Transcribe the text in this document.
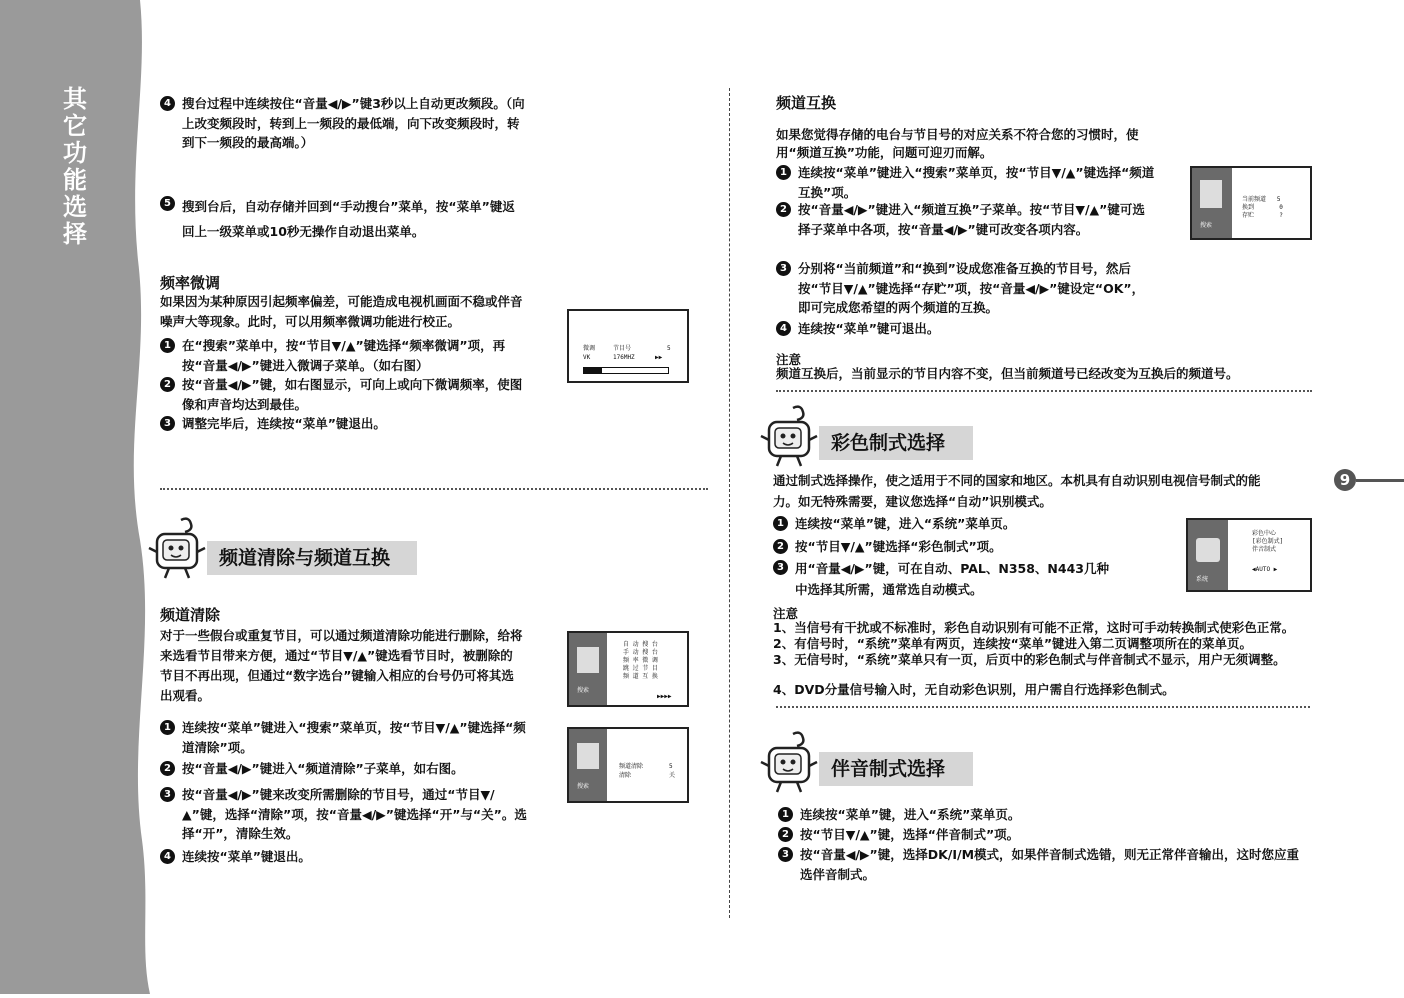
其
它
功
能
选
择
4 搜台过程中连续按住“音量◀/▶”键3秒以上自动更改频段。（向上改变频段时，转到上一频段的最低端，向下改变频段时，转到下一频段的最高端。）
5 搜到台后，自动存储并回到“手动搜台”菜单，按“菜单”键返回上一级菜单或10秒无操作自动退出菜单。
频率微调
如果因为某种原因引起频率偏差，可能造成电视机画面不稳或伴音噪声大等现象。此时，可以用频率微调功能进行校正。
1 在“搜索”菜单中，按“节目▼/▲”键选择“频率微调”项，再按“音量◀/▶”键进入微调子菜单。（如右图）
2 按“音量◀/▶”键，如右图显示，可向上或向下微调频率，使图像和声音均达到最佳。
3 调整完毕后，连续按“菜单”键退出。
微调	节目号	5
VK	176MHZ	▶▶
频道清除与频道互换
频道清除
对于一些假台或重复节目，可以通过频道清除功能进行删除，给将来选看节目带来方便，通过“节目▼/▲”键选看节目时，被删除的节目不再出现，但通过“数字选台”键输入相应的台号仍可将其选出观看。
1 连续按“菜单”键进入“搜索”菜单页，按“节目▼/▲”键选择“频道清除”项。
2 按“音量◀/▶”键进入“频道清除”子菜单，如右图。
3 按“音量◀/▶”键来改变所需删除的节目号，通过“节目▼/▲”键，选择“清除”项，按“音量◀/▶”键选择“开”与“关”。选择“开”，清除生效。
4 连续按“菜单”键退出。
搜索
自 动 搜 台
手 动 搜 台
频 率 微 调
跳 过 节 目
频 道 互 换
▶▶▶▶
搜索
频道清除	5
清除	关
频道互换
如果您觉得存储的电台与节目号的对应关系不符合您的习惯时，使用“频道互换”功能，问题可迎刃而解。
1 连续按“菜单”键进入“搜索”菜单页，按“节目▼/▲”键选择“频道互换”项。
2 按“音量◀/▶”键进入“频道互换”子菜单。按“节目▼/▲”键可选择子菜单中各项，按“音量◀/▶”键可改变各项内容。
3 分别将“当前频道”和“换到”设成您准备互换的节目号，然后按“节目▼/▲”键选择“存贮”项，按“音量◀/▶”键设定“OK”，即可完成您希望的两个频道的互换。
4 连续按“菜单”键可退出。
搜索
当前频道   5
换到       0
存贮       ?
注意
频道互换后，当前显示的节目内容不变，但当前频道号已经改变为互换后的频道号。
彩色制式选择
通过制式选择操作，使之适用于不同的国家和地区。本机具有自动识别电视信号制式的能力。如无特殊需要，建议您选择“自动”识别模式。
1 连续按“菜单”键，进入“系统”菜单页。
2 按“节目▼/▲”键选择“彩色制式”项。
3 用“音量◀/▶”键，可在自动、PAL、N358、N443几种中选择其所需，通常选自动模式。
系统
彩色中心
[彩色制式]
伴音制式
◀AUTO ▶
注意
1、当信号有干扰或不标准时，彩色自动识别有可能不正常，这时可手动转换制式使彩色正常。
2、有信号时，“系统”菜单有两页，连续按“菜单”键进入第二页调整项所在的菜单页。
3、无信号时，“系统”菜单只有一页，后页中的彩色制式与伴音制式不显示，用户无须调整。
4、DVD分量信号输入时，无自动彩色识别，用户需自行选择彩色制式。
伴音制式选择
1 连续按“菜单”键，进入“系统”菜单页。
2 按“节目▼/▲”键，选择“伴音制式”项。
3 按“音量◀/▶”键，选择DK/I/M模式，如果伴音制式选错，则无正常伴音输出，这时您应重选伴音制式。
9
